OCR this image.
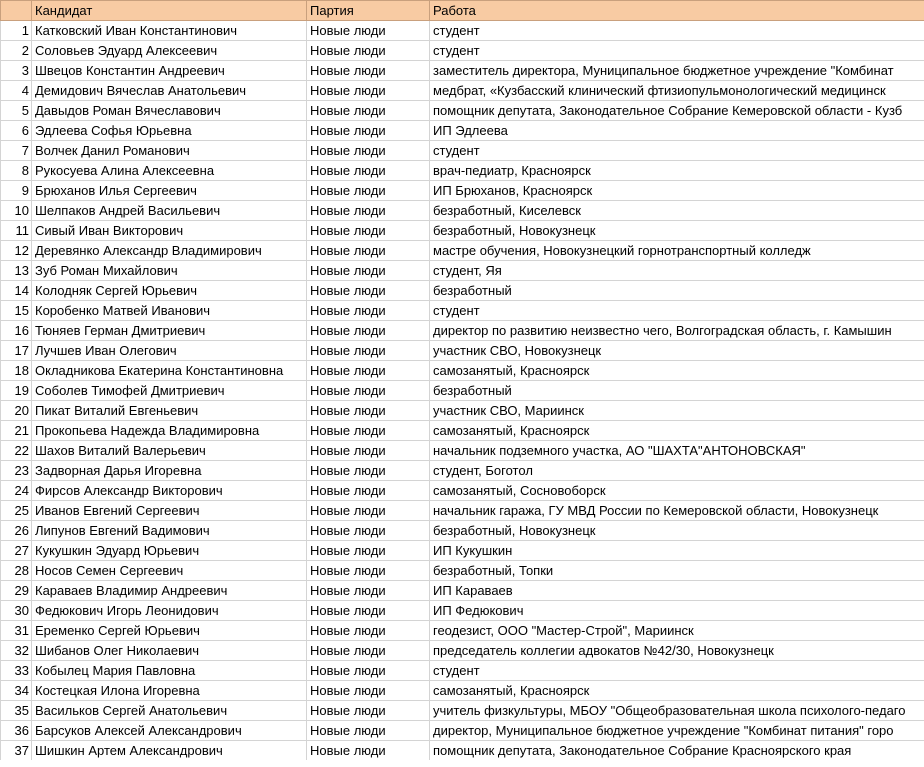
	Кандидат	Партия	Работа
1	Катковский Иван Константинович	Новые люди	студент
2	Соловьев Эдуард Алексеевич	Новые люди	студент
3	Швецов Константин Андреевич	Новые люди	заместитель директора, Муниципальное бюджетное учреждение "Комбинат
4	Демидович Вячеслав Анатольевич	Новые люди	медбрат, «Кузбасский клинический фтизиопульмонологический медицинск
5	Давыдов Роман Вячеславович	Новые люди	помощник депутата, Законодательное Собрание Кемеровской области - Кузб
6	Эдлеева Софья Юрьевна	Новые люди	ИП Эдлеева
7	Волчек Данил Романович	Новые люди	студент
8	Рукосуева Алина Алексеевна	Новые люди	врач-педиатр, Красноярск
9	Брюханов Илья Сергеевич	Новые люди	ИП Брюханов, Красноярск
10	Шелпаков Андрей Васильевич	Новые люди	безработный, Киселевск
11	Сивый Иван Викторович	Новые люди	безработный, Новокузнецк
12	Деревянко Александр Владимирович	Новые люди	мастре обучения, Новокузнецкий горнотранспортный колледж
13	Зуб Роман Михайлович	Новые люди	студент, Яя
14	Колодняк Сергей Юрьевич	Новые люди	безработный
15	Коробенко Матвей Иванович	Новые люди	студент
16	Тюняев Герман Дмитриевич	Новые люди	директор по развитию неизвестно чего, Волгоградская область, г. Камышин
17	Лучшев Иван Олегович	Новые люди	участник СВО, Новокузнецк
18	Окладникова Екатерина Константиновна	Новые люди	самозанятый, Красноярск
19	Соболев Тимофей Дмитриевич	Новые люди	безработный
20	Пикат Виталий Евгеньевич	Новые люди	участник СВО, Мариинск
21	Прокопьева Надежда Владимировна	Новые люди	самозанятый, Красноярск
22	Шахов Виталий Валерьевич	Новые люди	начальник подземного участка, АО "ШАХТА"АНТОНОВСКАЯ"
23	Задворная Дарья Игоревна	Новые люди	студент, Боготол
24	Фирсов Александр Викторович	Новые люди	самозанятый, Сосновоборск
25	Иванов Евгений Сергеевич	Новые люди	начальник гаража, ГУ МВД России по Кемеровской области, Новокузнецк
26	Липунов Евгений Вадимович	Новые люди	безработный, Новокузнецк
27	Кукушкин Эдуард Юрьевич	Новые люди	ИП Кукушкин
28	Носов Семен Сергеевич	Новые люди	безработный, Топки
29	Караваев Владимир Андреевич	Новые люди	ИП Караваев
30	Федюкович Игорь Леонидович	Новые люди	ИП Федюкович
31	Еременко Сергей Юрьевич	Новые люди	геодезист, ООО "Мастер-Строй", Мариинск
32	Шибанов Олег Николаевич	Новые люди	председатель коллегии адвокатов №42/30, Новокузнецк
33	Кобылец Мария Павловна	Новые люди	студент
34	Костецкая Илона Игоревна	Новые люди	самозанятый, Красноярск
35	Васильков Сергей Анатольевич	Новые люди	учитель физкультуры, МБОУ "Общеобразовательная школа психолого-педаго
36	Барсуков Алексей Александрович	Новые люди	директор, Муниципальное бюджетное учреждение "Комбинат питания" горо
37	Шишкин Артем Александрович	Новые люди	помощник депутата, Законодательное Собрание Красноярского края
